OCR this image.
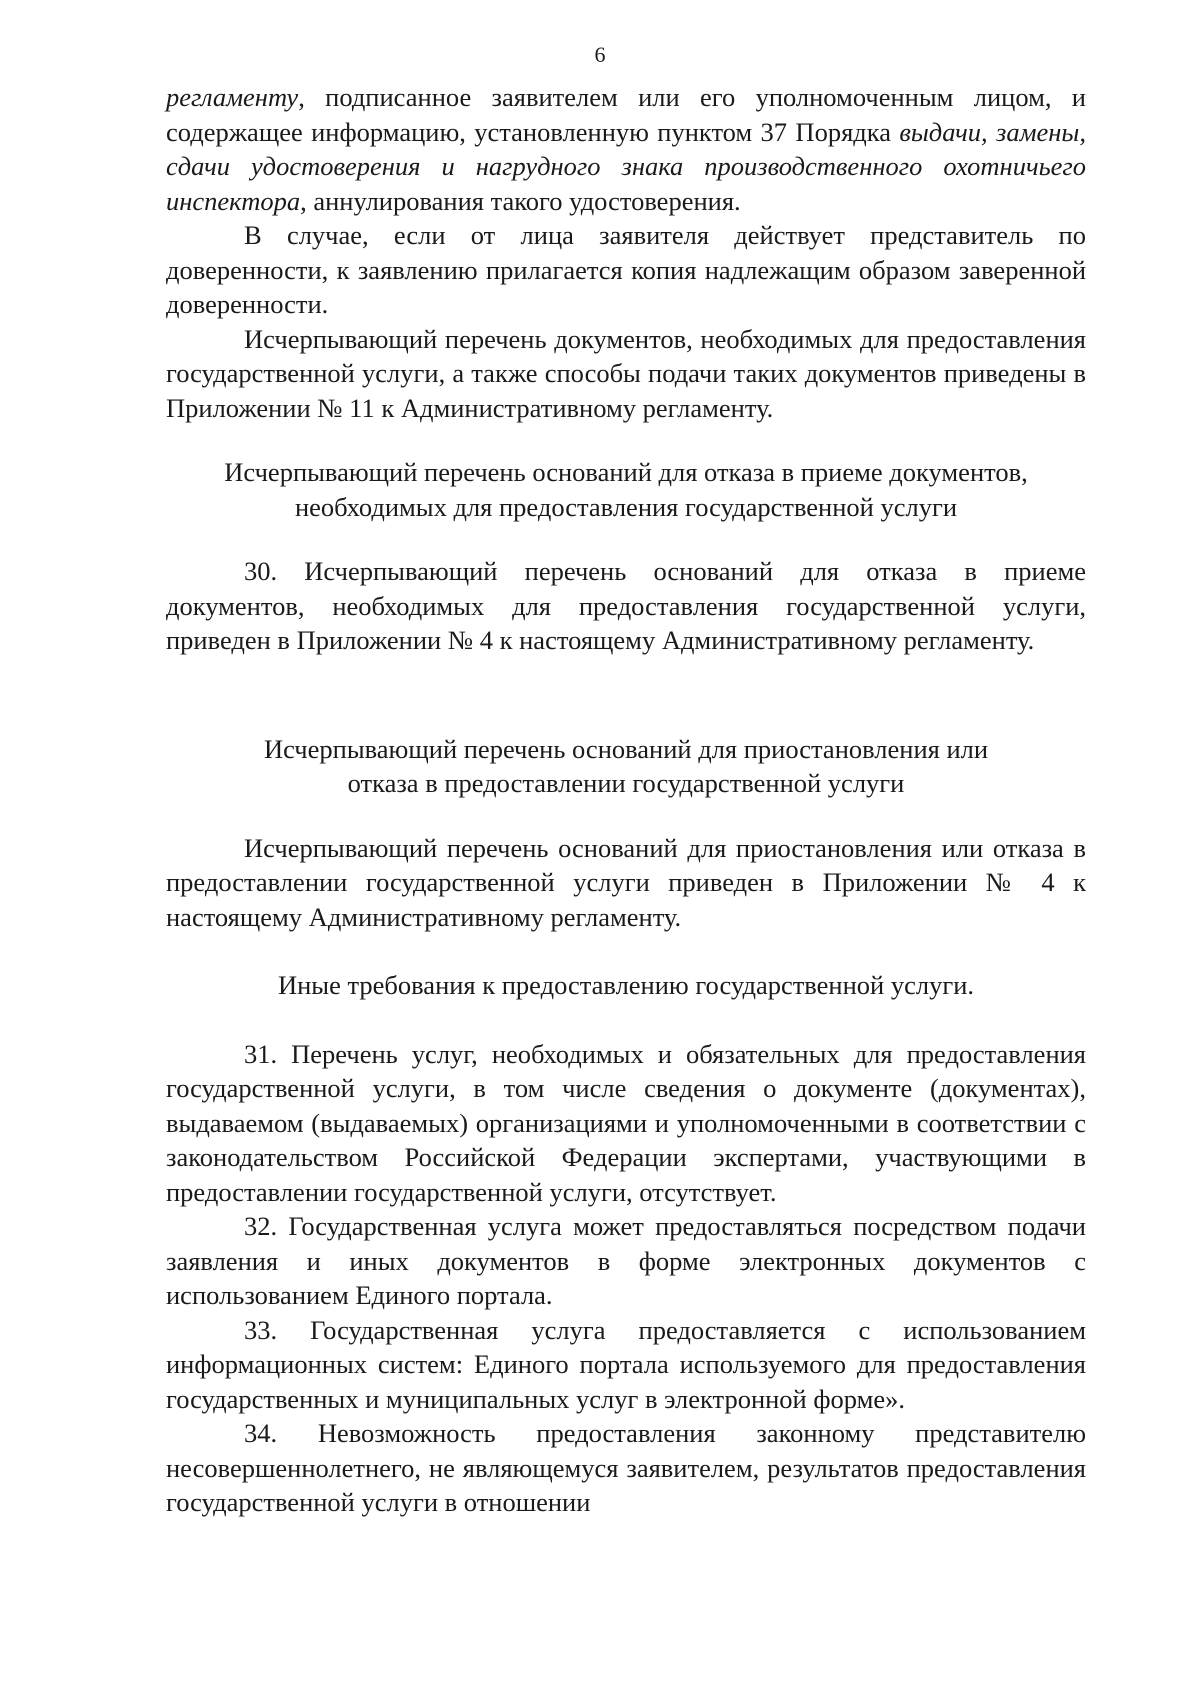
6

регламенту, подписанное заявителем или его уполномоченным лицом, и содержащее информацию, установленную пунктом 37 Порядка выдачи, замены, сдачи удостоверения и нагрудного знака производственного охотничьего инспектора, аннулирования такого удостоверения.

В случае, если от лица заявителя действует представитель по доверенности, к заявлению прилагается копия надлежащим образом заверенной доверенности.

Исчерпывающий перечень документов, необходимых для предоставления государственной услуги, а также способы подачи таких документов приведены в Приложении № 11 к Административному регламенту.

Исчерпывающий перечень оснований для отказа в приеме документов,

необходимых для предоставления государственной услуги

30. Исчерпывающий перечень оснований для отказа в приеме документов, необходимых для предоставления государственной услуги, приведен в Приложении № 4 к настоящему Административному регламенту.

Исчерпывающий перечень оснований для приостановления или

отказа в предоставлении государственной услуги

Исчерпывающий перечень оснований для приостановления или отказа в предоставлении государственной услуги приведен в Приложении № 4 к настоящему Административному регламенту.

Иные требования к предоставлению государственной услуги.

31. Перечень услуг, необходимых и обязательных для предоставления государственной услуги, в том числе сведения о документе (документах), выдаваемом (выдаваемых) организациями и уполномоченными в соответствии с законодательством Российской Федерации экспертами, участвующими в предоставлении государственной услуги, отсутствует.

32. Государственная услуга может предоставляться посредством подачи заявления и иных документов в форме электронных документов с использованием Единого портала.

33. Государственная услуга предоставляется с использованием информационных систем: Единого портала используемого для предоставления государственных и муниципальных услуг в электронной форме».

34. Невозможность предоставления законному представителю несовершеннолетнего, не являющемуся заявителем, результатов предоставления государственной услуги в отношении
